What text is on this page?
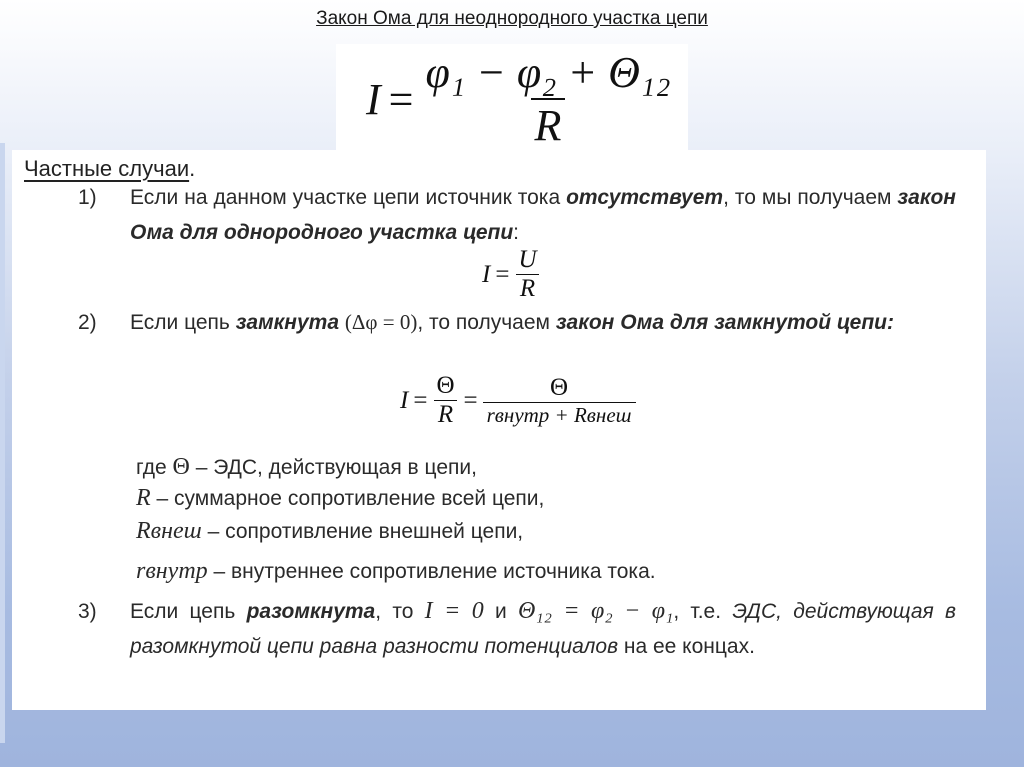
Закон Ома для неоднородного участка цепи
$I = \frac{\text{φ₁ − φ₂ + Θ₁₂}}{R}$
Частные случаи.
1) Если на данном участке цепи источник тока отсутствует, то мы получаем закон Ома для однородного участка цепи:
$I = \frac{U}{R}$
2) Если цепь замкнута (Δφ = 0), то получаем закон Ома для замкнутой цепи:
$I = \frac{\Theta}{R} = \frac{\Theta}{\text{rвнутр + Rвнеш}}$
где Θ – ЭДС, действующая в цепи,
R – суммарное сопротивление всей цепи,
Rвнеш – сопротивление внешней цепи,
rвнутр – внутреннее сопротивление источника тока.
3) Если цепь разомкнута, то I = 0 и Θ₁₂ = φ₂ − φ₁, т.е. ЭДС, действующая в разомкнутой цепи равна разности потенциалов на ее концах.
